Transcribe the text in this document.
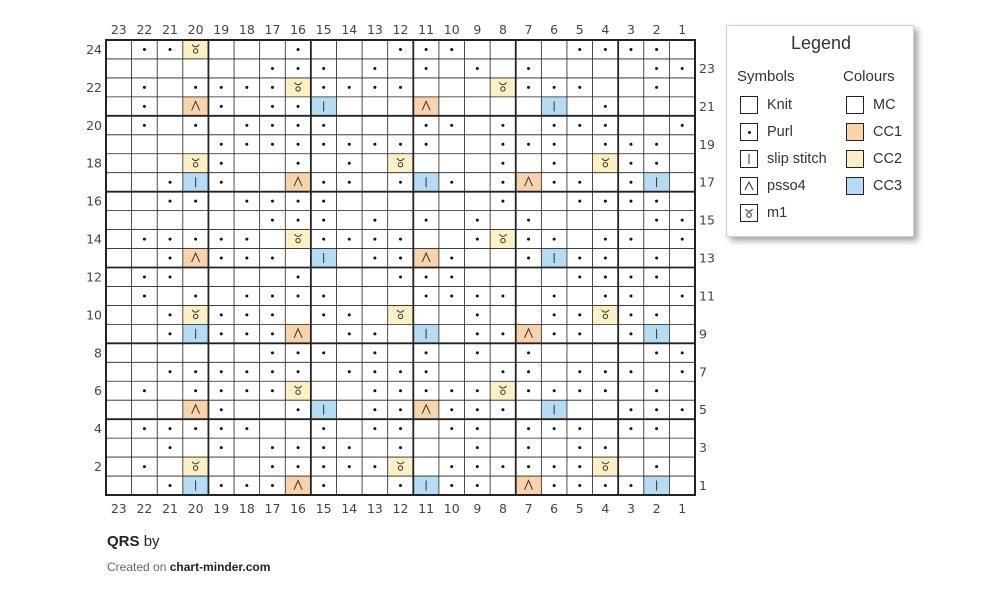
23
23
22
22
21
21
20
20
19
19
18
18
17
17
16
16
15
15
14
14
13
13
12
12
11
11
10
10
9
9
8
8
7
7
6
6
5
5
4
4
3
3
2
2
1
1
24
23
22
21
20
19
18
17
16
15
14
13
12
11
10
9
8
7
6
5
4
3
2
1
Legend
Symbols	Colours
Knit
Purl
slip stitch
psso4
m1
MC
CC1
CC2
CC3
QRS by
Created on chart-minder.com
